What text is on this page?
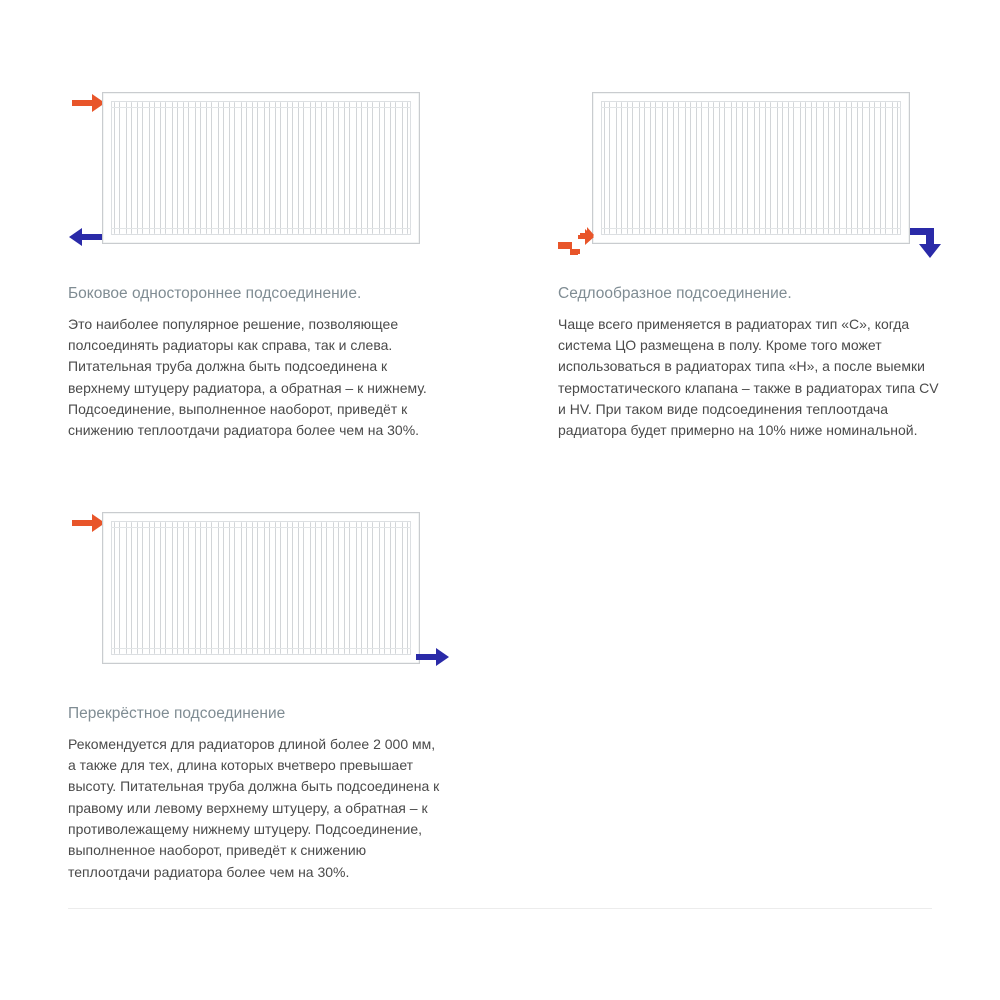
Боковое одностороннее подсоединение.
Это наиболее популярное решение, позволяющее полсоединять радиаторы как справа, так и слева. Питательная труба должна быть подсоединена к верхнему штуцеру радиатора, а обратная – к нижнему. Подсоединение, выполненное наоборот, приведёт к снижению теплоотдачи радиатора более чем на 30%.
Седлообразное подсоединение.
Чаще всего применяется в радиаторах тип «С», когда система ЦО размещена в полу. Кроме того может использоваться в радиаторах типа «Н», а после выемки термостатического клапана – также в радиаторах типа CV и HV. При таком виде подсоединения теплоотдача радиатора будет примерно на 10% ниже номинальной.
Перекрёстное подсоединение
Рекомендуется для радиаторов длиной более 2 000 мм, а также для тех, длина которых вчетверо превышает высоту. Питательная труба должна быть подсоединена к правому или левому верхнему штуцеру, а обратная – к противолежащему нижнему штуцеру. Подсоединение, выполненное наоборот, приведёт к снижению теплоотдачи радиатора более чем на 30%.
